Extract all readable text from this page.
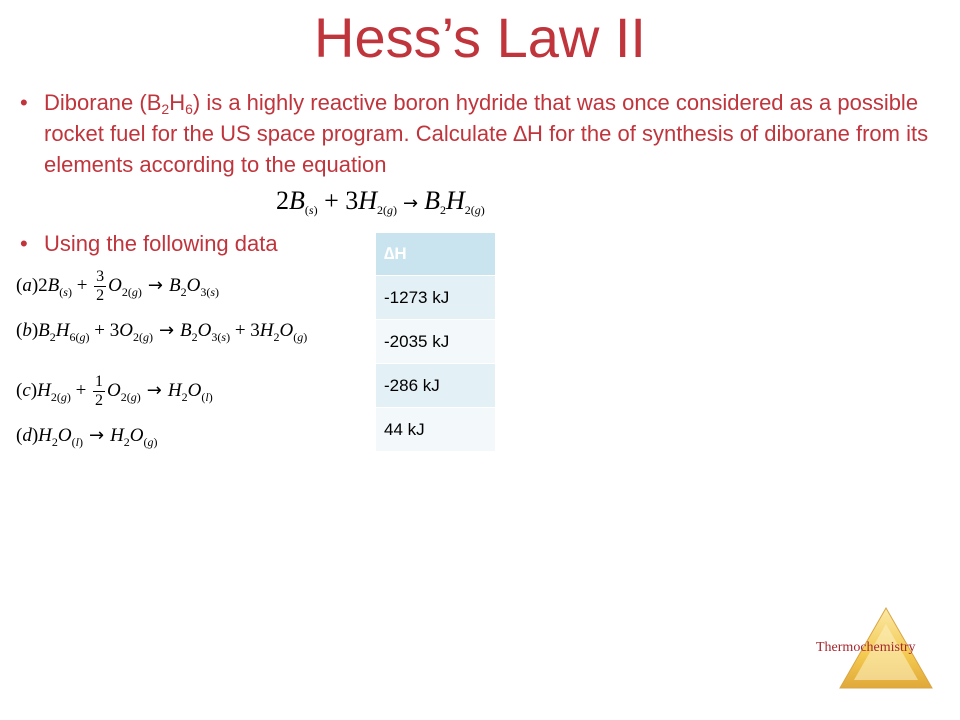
Hess’s Law II
• Diborane $(B_2H_6)$ is a highly reactive boron hydride that was once considered as a possible rocket fuel for the US space program. Calculate ∆H for the of synthesis of diborane from its elements according to the equation
$2B_{(s)} + 3H_{2(g)} \to B_2H_{2(g)}$
• Using the following data
$(a)2B_{(s)} + \frac{3}{2} O_{2(g)} \to B_2O_{3(s)}$
$(b)B_2H_{6(g)} + 3O_{2(g)} \to B_2O_{3(s)} + 3H_2O_{(g)}$
$(c)H_{2(g)} + \frac{1}{2} O_{2(g)} \to H_2O_{(l)}$
$(d)H_2O_{(l)} \to H_2O_{(g)}$
∆H
-1273 kJ
-2035 kJ
-286 kJ
44 kJ
Thermochemistry
